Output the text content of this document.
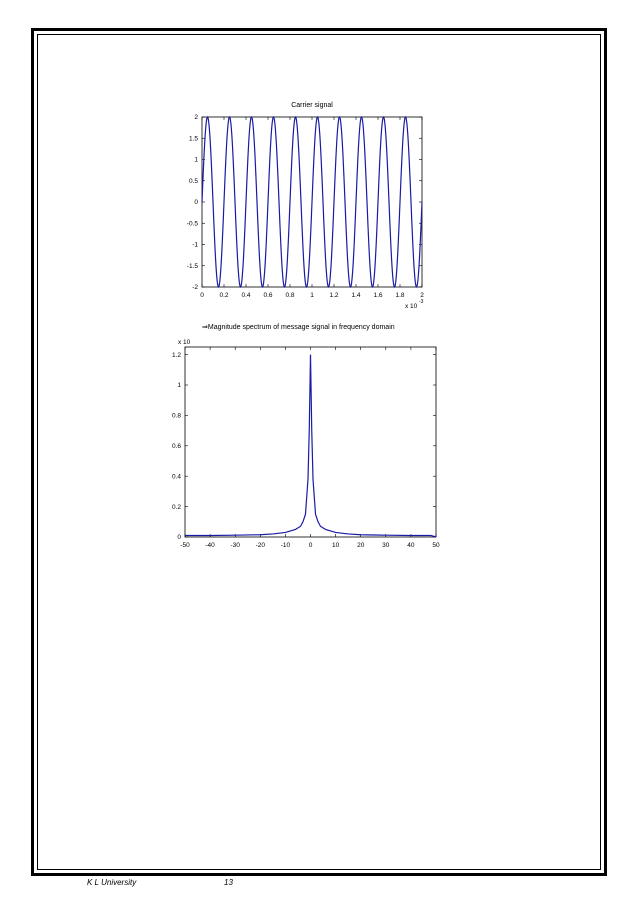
Carrier signal
0 0.2 0.4 0.6 0.8 1 1.2 1.4 1.6 1.8 2
2
1.5
1
0.5
0
-0.5
-1
-1.5
-2
x 10
-3
⇒Magnitude spectrum of message signal in frequency domain
x 10
-50 -40 -30 -20 -10	0	10	20	30	40	50
1.2
1
0.8
0.6
0.4
0.2
0
K L University	13
